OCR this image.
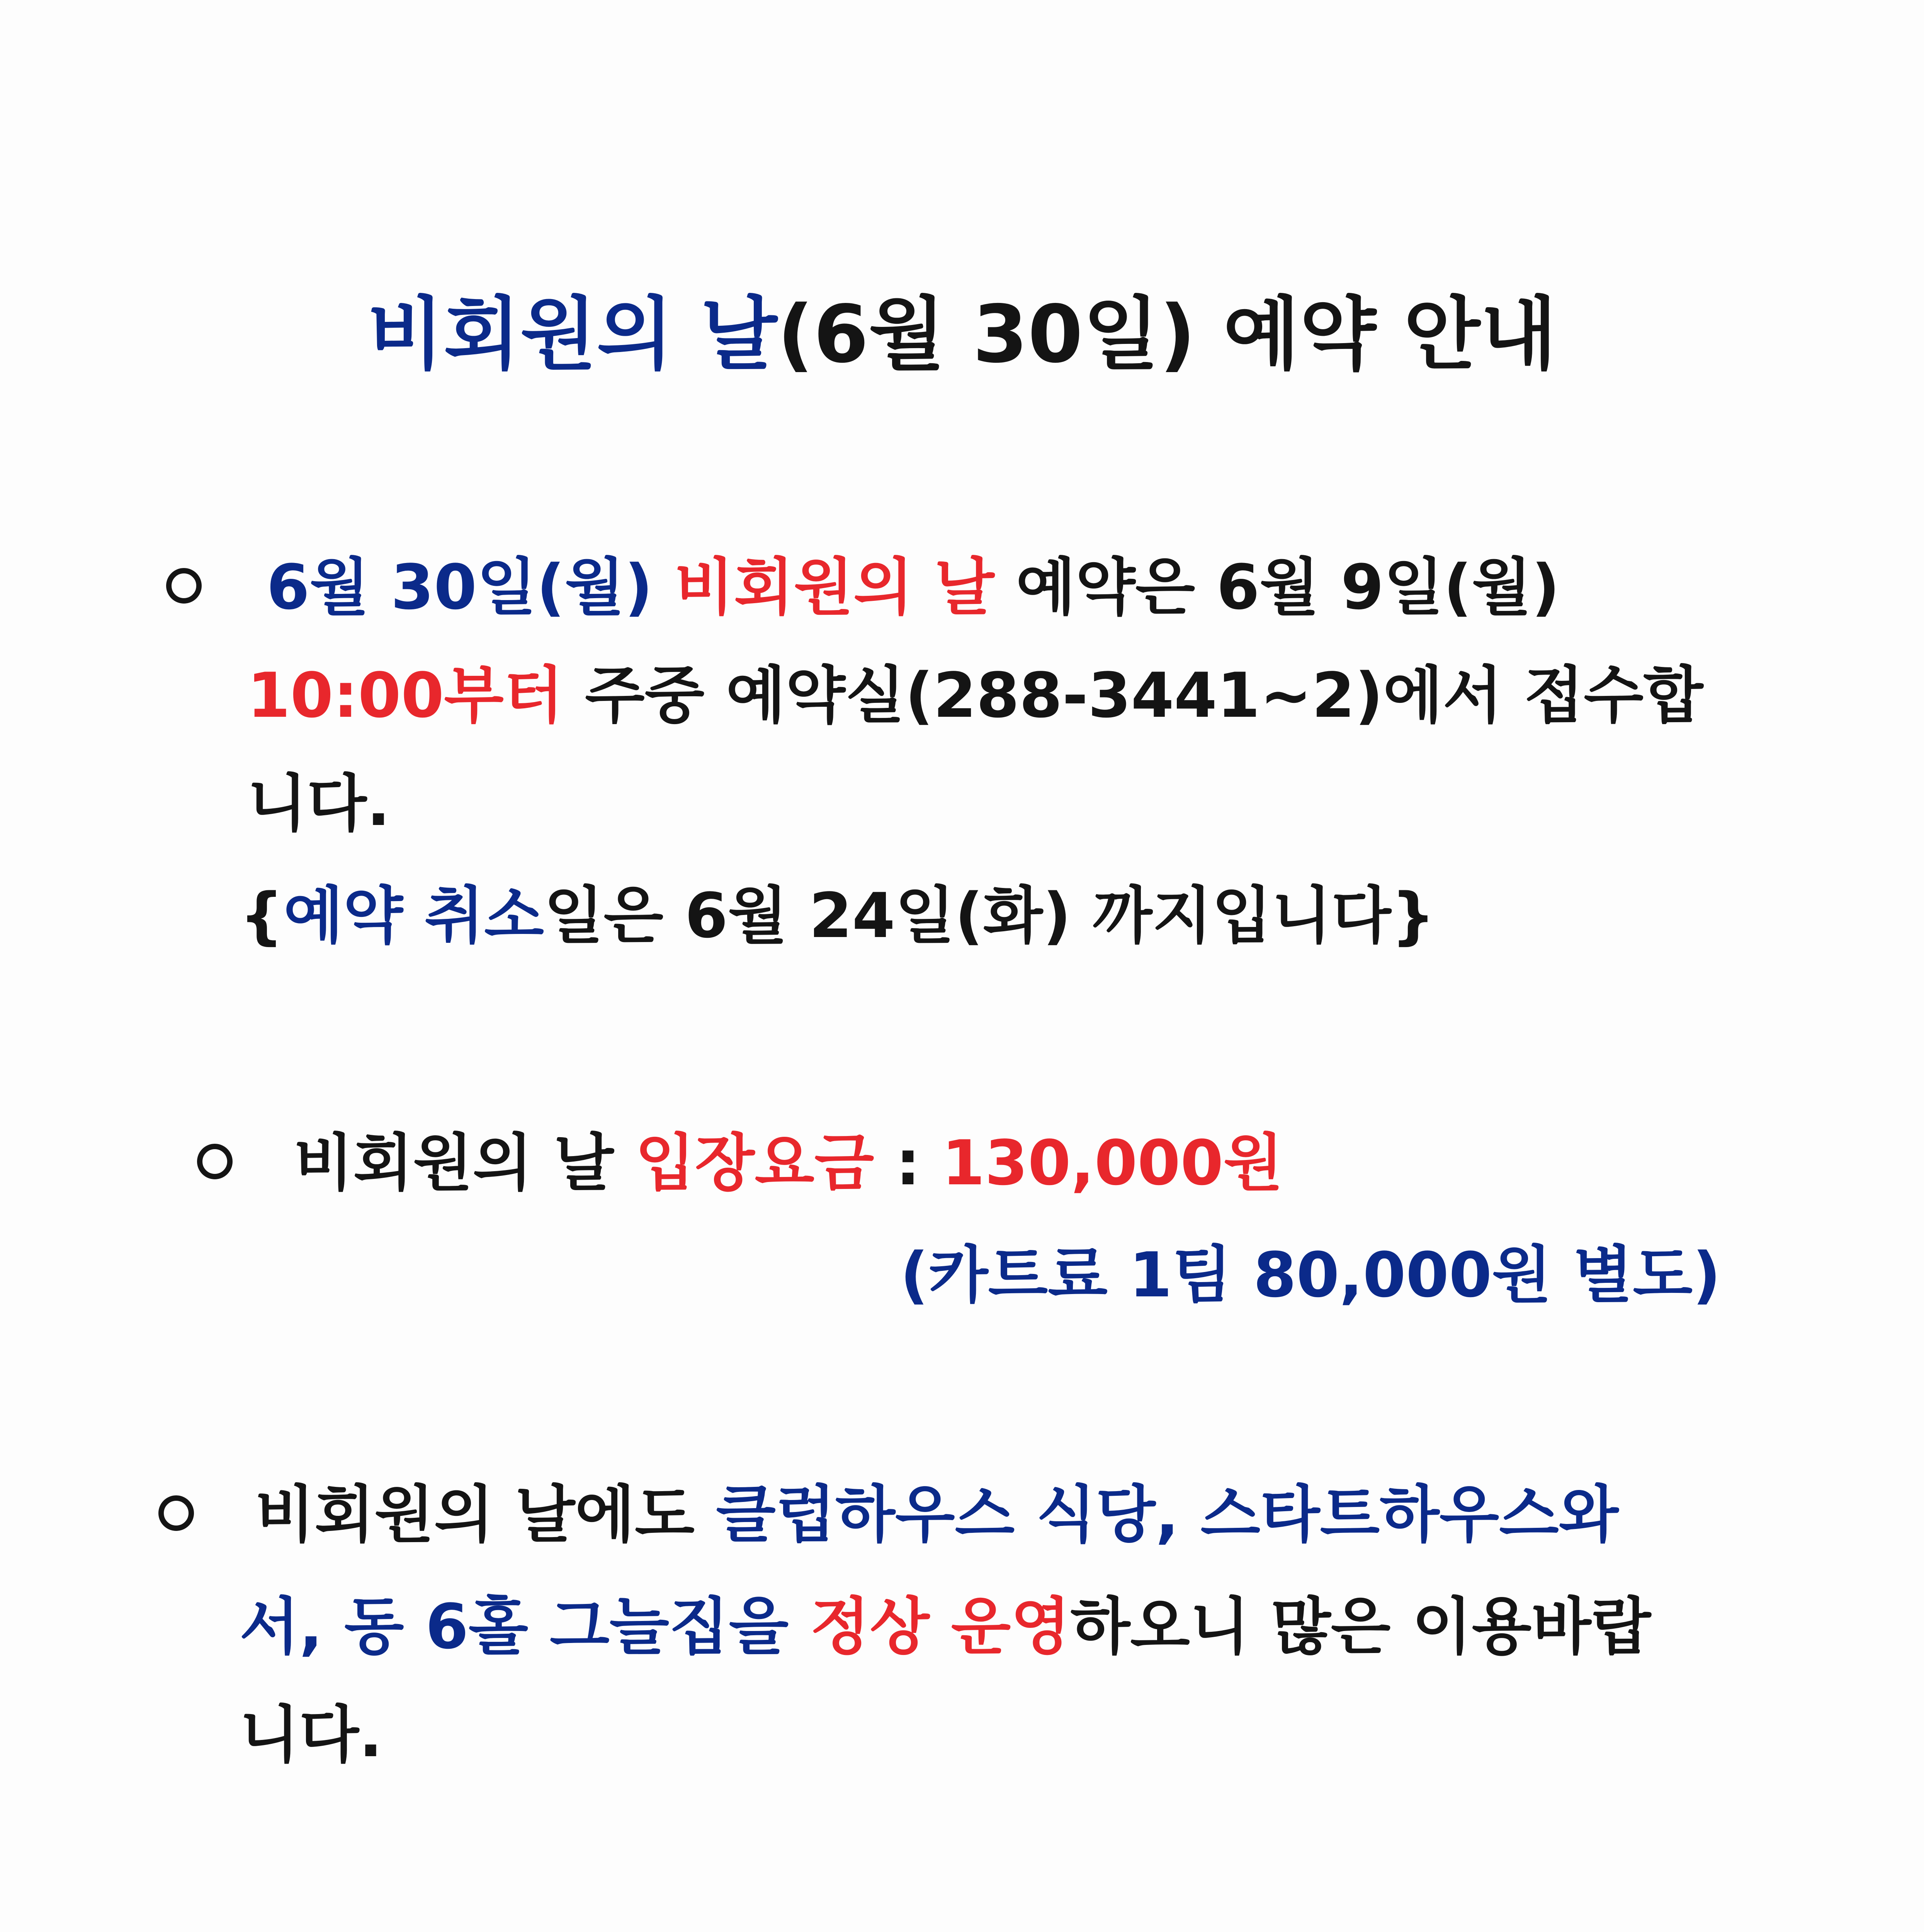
비회원의 날(6월 30일) 예약 안내
6월 30일(월) 비회원의 날 예약은 6월 9일(월)
10:00부터 주중 예약실(288-3441~2)에서 접수합
니다.
{예약 취소일은 6월 24일(화) 까지입니다}
비회원의 날 입장요금 : 130,000원
(카트료 1팀 80,000원 별도)
비회원의 날에도 클럽하우스 식당, 스타트하우스와
서, 동 6홀 그늘집을 정상 운영하오니 많은 이용바랍
니다.
